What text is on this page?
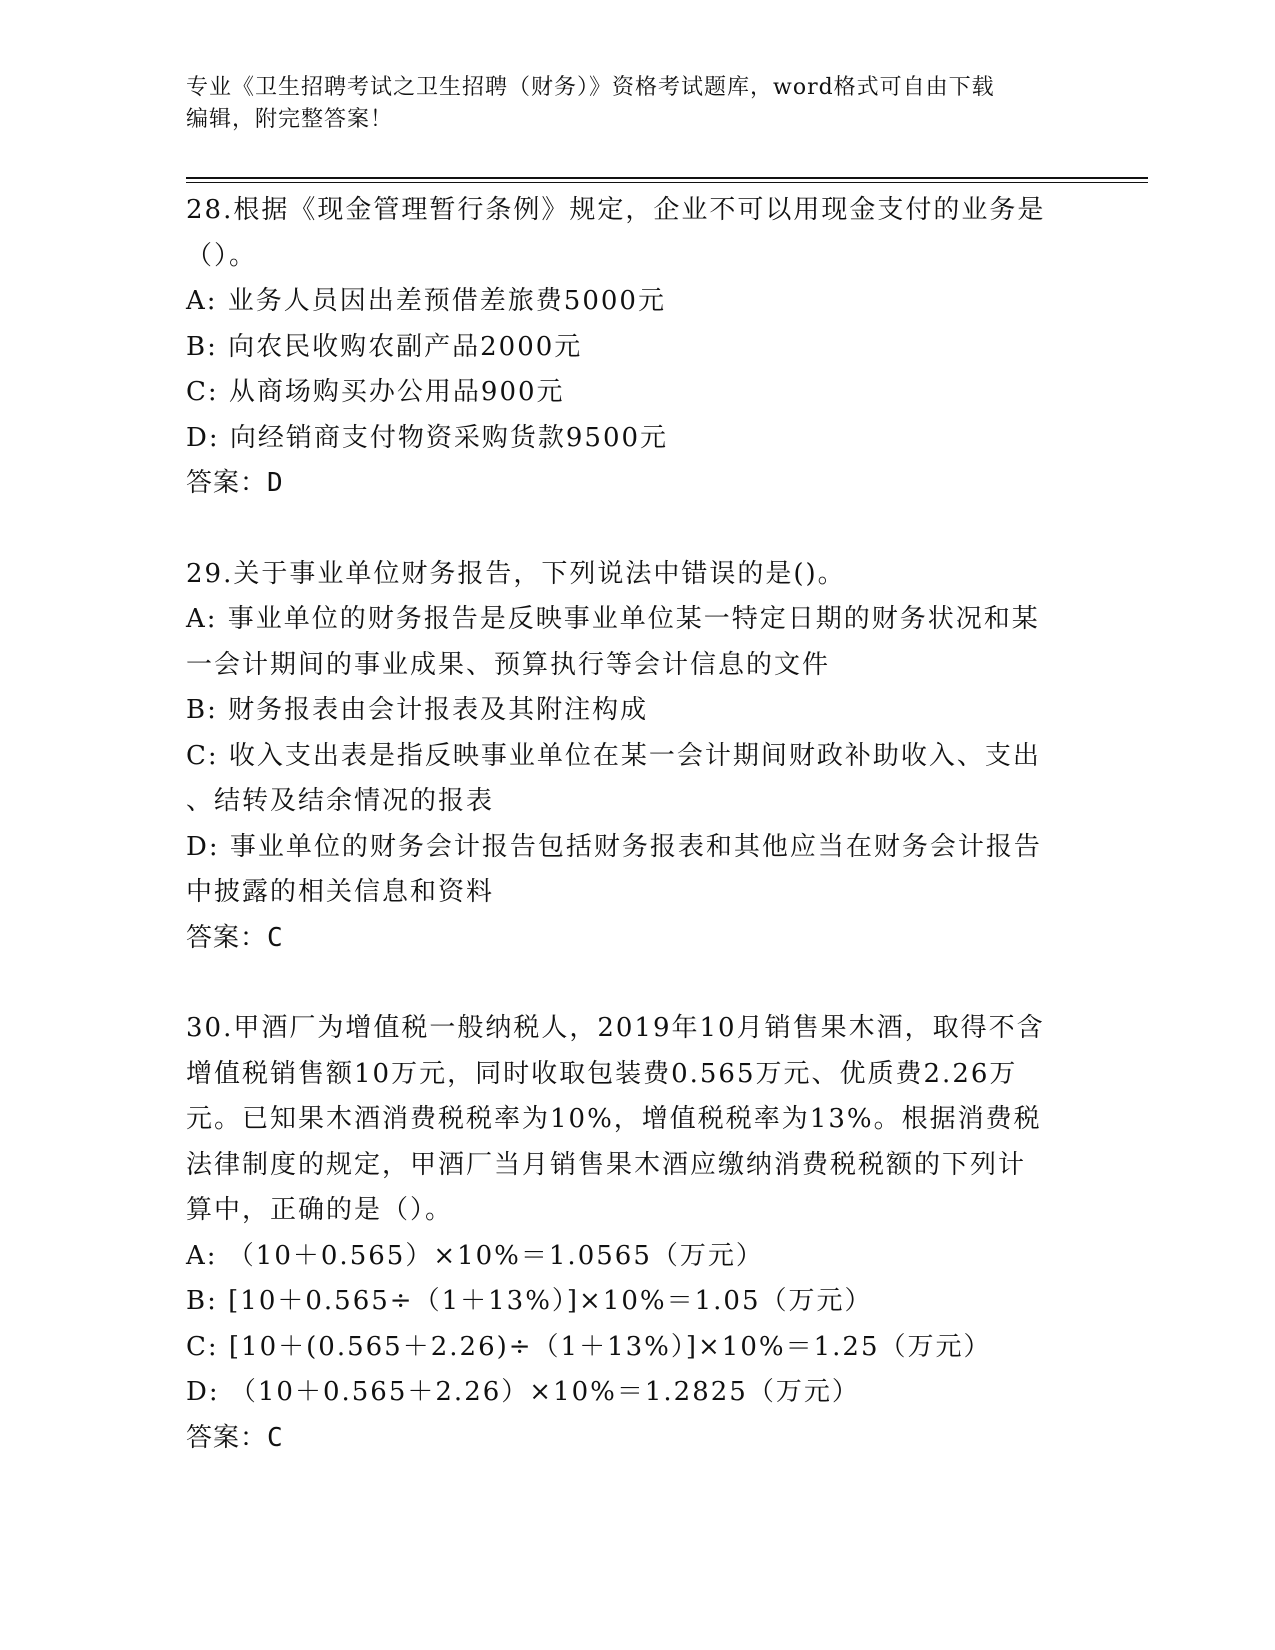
专业《卫生招聘考试之卫生招聘（财务）》资格考试题库，word格式可自由下载
编辑，附完整答案！

28.根据《现金管理暂行条例》规定，企业不可以用现金支付的业务是

（）。

A: 业务人员因出差预借差旅费5000元

B: 向农民收购农副产品2000元

C: 从商场购买办公用品900元

D: 向经销商支付物资采购货款9500元

答案：D

29.关于事业单位财务报告，下列说法中错误的是()。

A: 事业单位的财务报告是反映事业单位某一特定日期的财务状况和某

一会计期间的事业成果、预算执行等会计信息的文件

B: 财务报表由会计报表及其附注构成

C: 收入支出表是指反映事业单位在某一会计期间财政补助收入、支出

、结转及结余情况的报表

D: 事业单位的财务会计报告包括财务报表和其他应当在财务会计报告

中披露的相关信息和资料

答案：C

30.甲酒厂为增值税一般纳税人，2019年10月销售果木酒，取得不含

增值税销售额10万元，同时收取包装费0.565万元、优质费2.26万

元。已知果木酒消费税税率为10%，增值税税率为13%。根据消费税

法律制度的规定，甲酒厂当月销售果木酒应缴纳消费税税额的下列计

算中，正确的是（）。

A: （10＋0.565）×10%＝1.0565（万元）

B: [10＋0.565÷（1＋13%）]×10%＝1.05（万元）

C: [10＋(0.565＋2.26)÷（1＋13%）]×10%＝1.25（万元）

D: （10＋0.565＋2.26）×10%＝1.2825（万元）

答案：C
